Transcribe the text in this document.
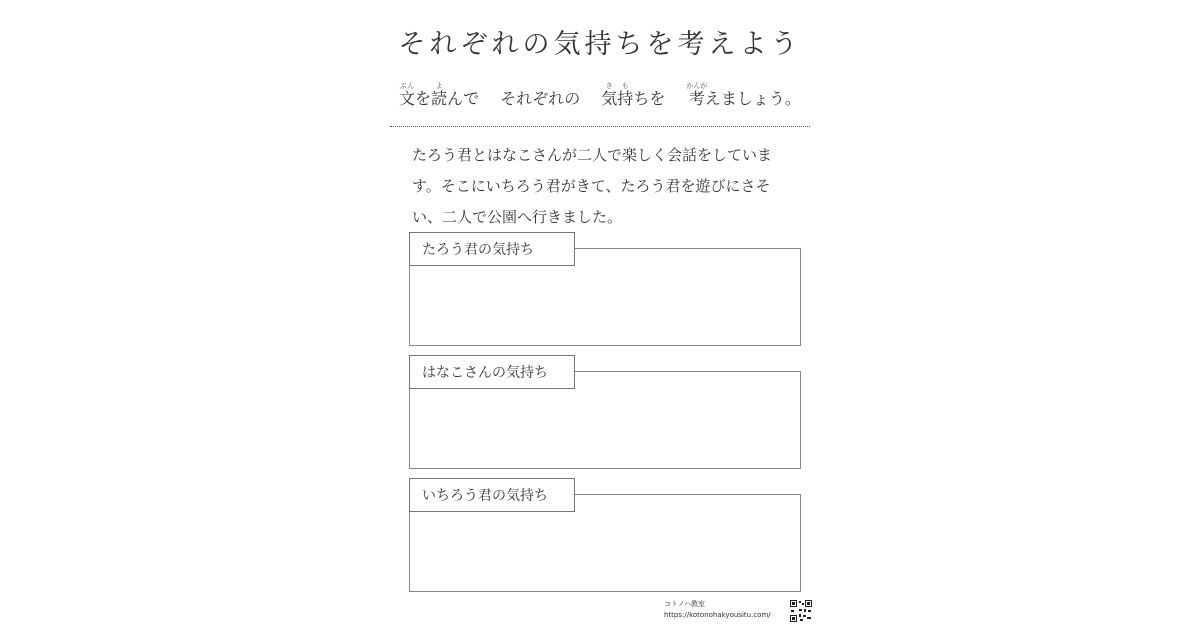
それぞれの気持ちを考えよう
文ぶんを読よんで それぞれの 気持きもちを 考かんがえましょう。
たろう君とはなこさんが二人で楽しく会話をしていま
す。そこにいちろう君がきて、たろう君を遊びにさそ
い、二人で公園へ行きました。
たろう君の気持ち
はなこさんの気持ち
いちろう君の気持ち
コトノハ教室
https://kotonohakyousitu.com/
